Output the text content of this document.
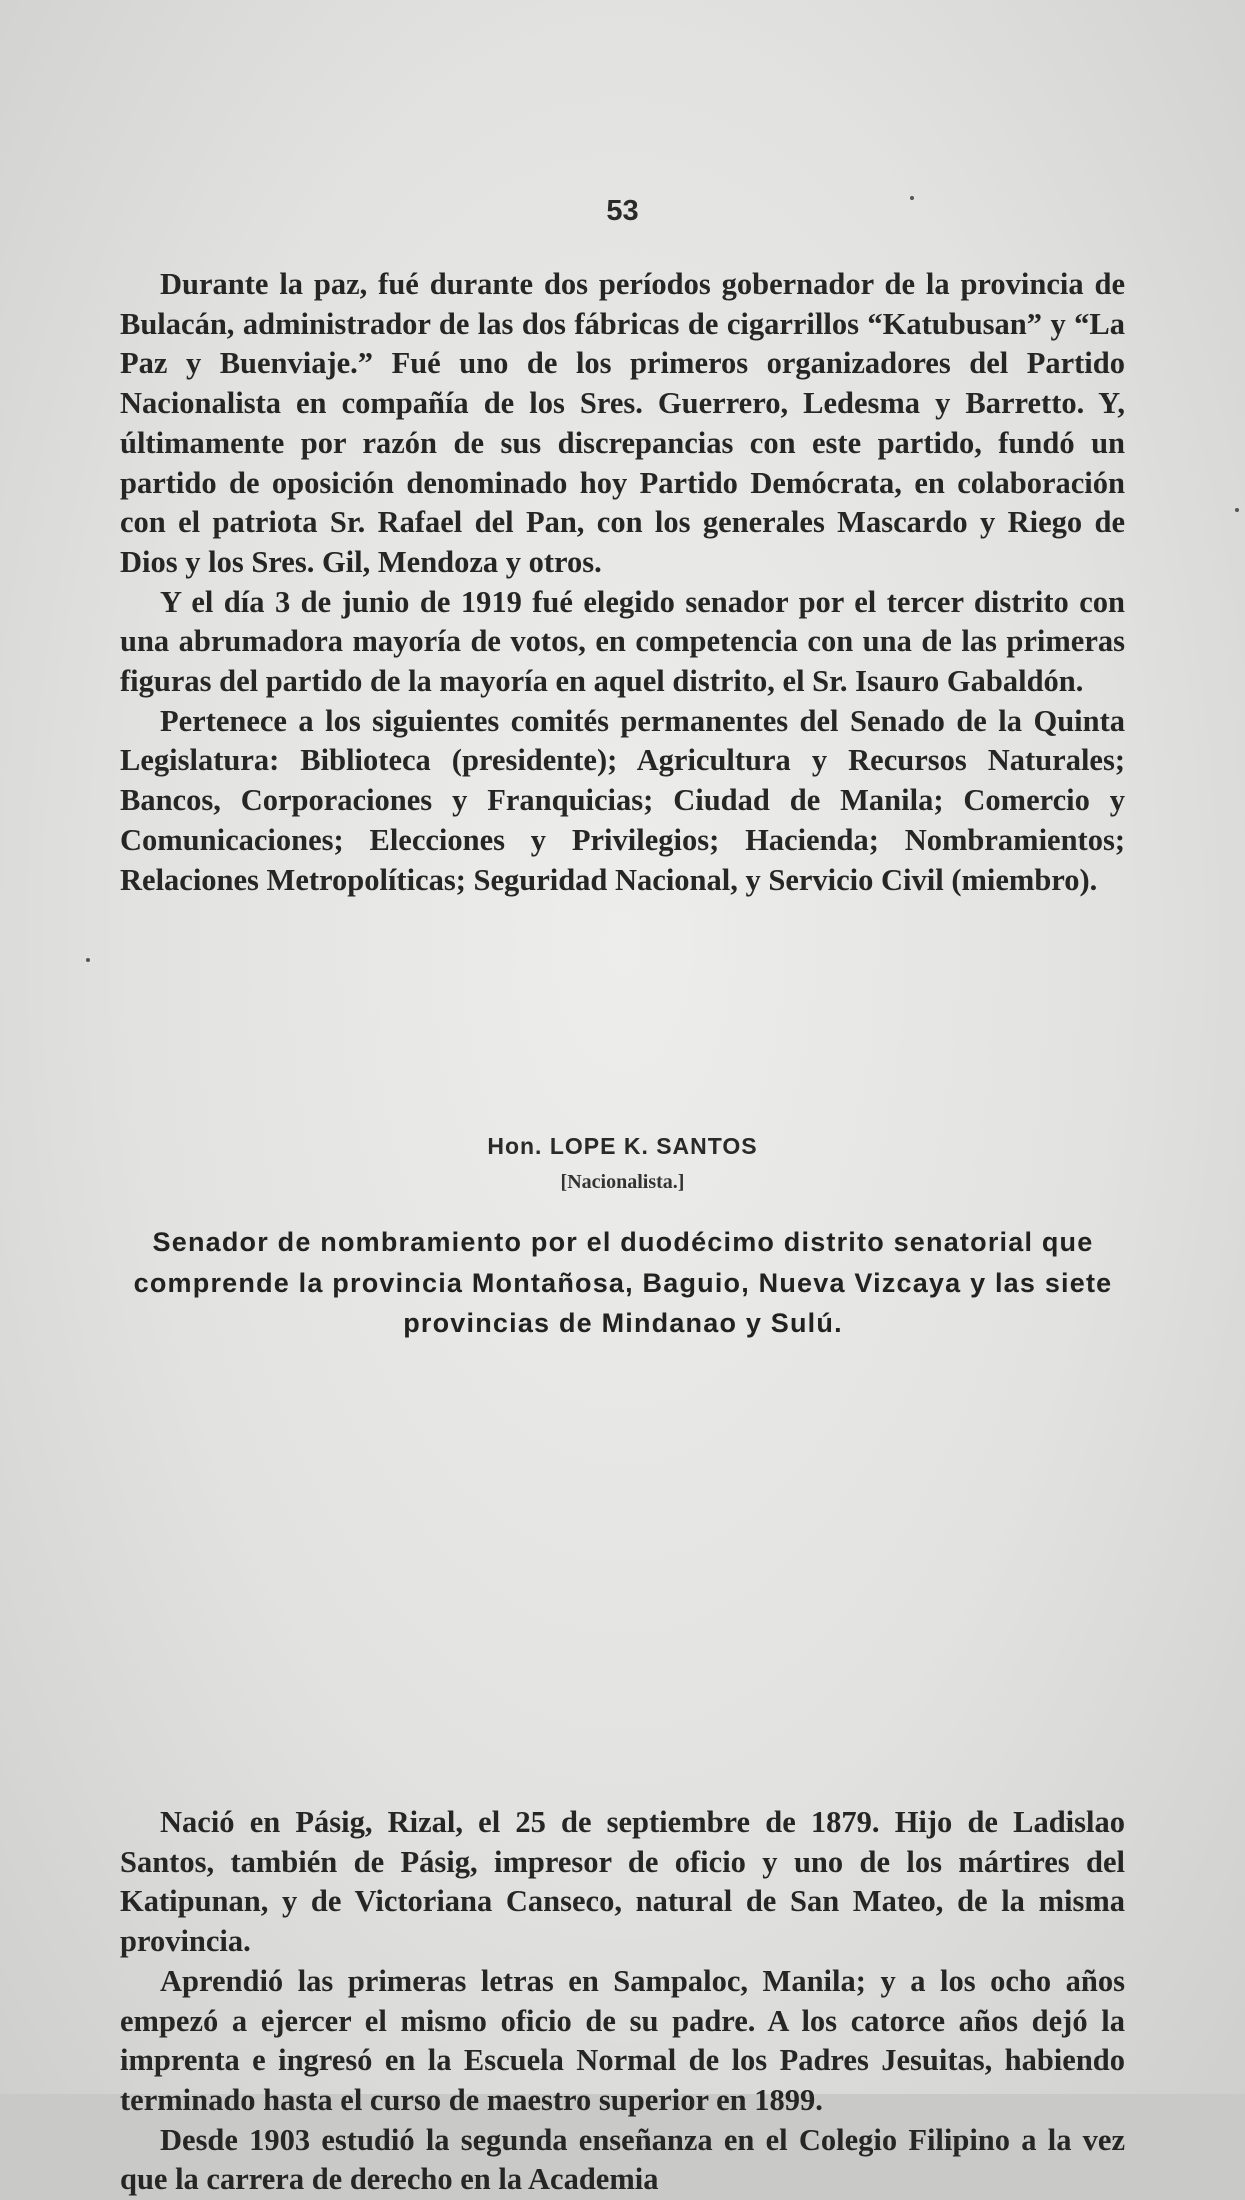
53

Durante la paz, fué durante dos períodos gobernador de la provincia de Bulacán, administrador de las dos fábricas de cigarrillos “Katubusan” y “La Paz y Buenviaje.” Fué uno de los primeros organizadores del Partido Nacionalista en compañía de los Sres. Guerrero, Ledesma y Barretto. Y, últimamente por razón de sus discrepancias con este partido, fundó un partido de oposición denominado hoy Partido Demócrata, en colaboración con el patriota Sr. Rafael del Pan, con los generales Mascardo y Riego de Dios y los Sres. Gil, Mendoza y otros.

Y el día 3 de junio de 1919 fué elegido senador por el tercer distrito con una abrumadora mayoría de votos, en competencia con una de las primeras figuras del partido de la mayoría en aquel distrito, el Sr. Isauro Gabaldón.

Pertenece a los siguientes comités permanentes del Senado de la Quinta Legislatura: Biblioteca (presidente); Agricultura y Recursos Naturales; Bancos, Corporaciones y Franquicias; Ciudad de Manila; Comercio y Comunicaciones; Elecciones y Privilegios; Hacienda; Nombramientos; Relaciones Metropolíticas; Seguridad Nacional, y Servicio Civil (miembro).

Hon. LOPE K. SANTOS
[Nacionalista.]
Senador de nombramiento por el duodécimo distrito senatorial que comprende la provincia Montañosa, Baguio, Nueva Vizcaya y las siete provincias de Mindanao y Sulú.

Nació en Pásig, Rizal, el 25 de septiembre de 1879. Hijo de Ladislao Santos, también de Pásig, impresor de oficio y uno de los mártires del Katipunan, y de Victoriana Canseco, natural de San Mateo, de la misma provincia.

Aprendió las primeras letras en Sampaloc, Manila; y a los ocho años empezó a ejercer el mismo oficio de su padre. A los catorce años dejó la imprenta e ingresó en la Escuela Normal de los Padres Jesuitas, habiendo terminado hasta el curso de maestro superior en 1899.

Desde 1903 estudió la segunda enseñanza en el Colegio Filipino a la vez que la carrera de derecho en la Academia
